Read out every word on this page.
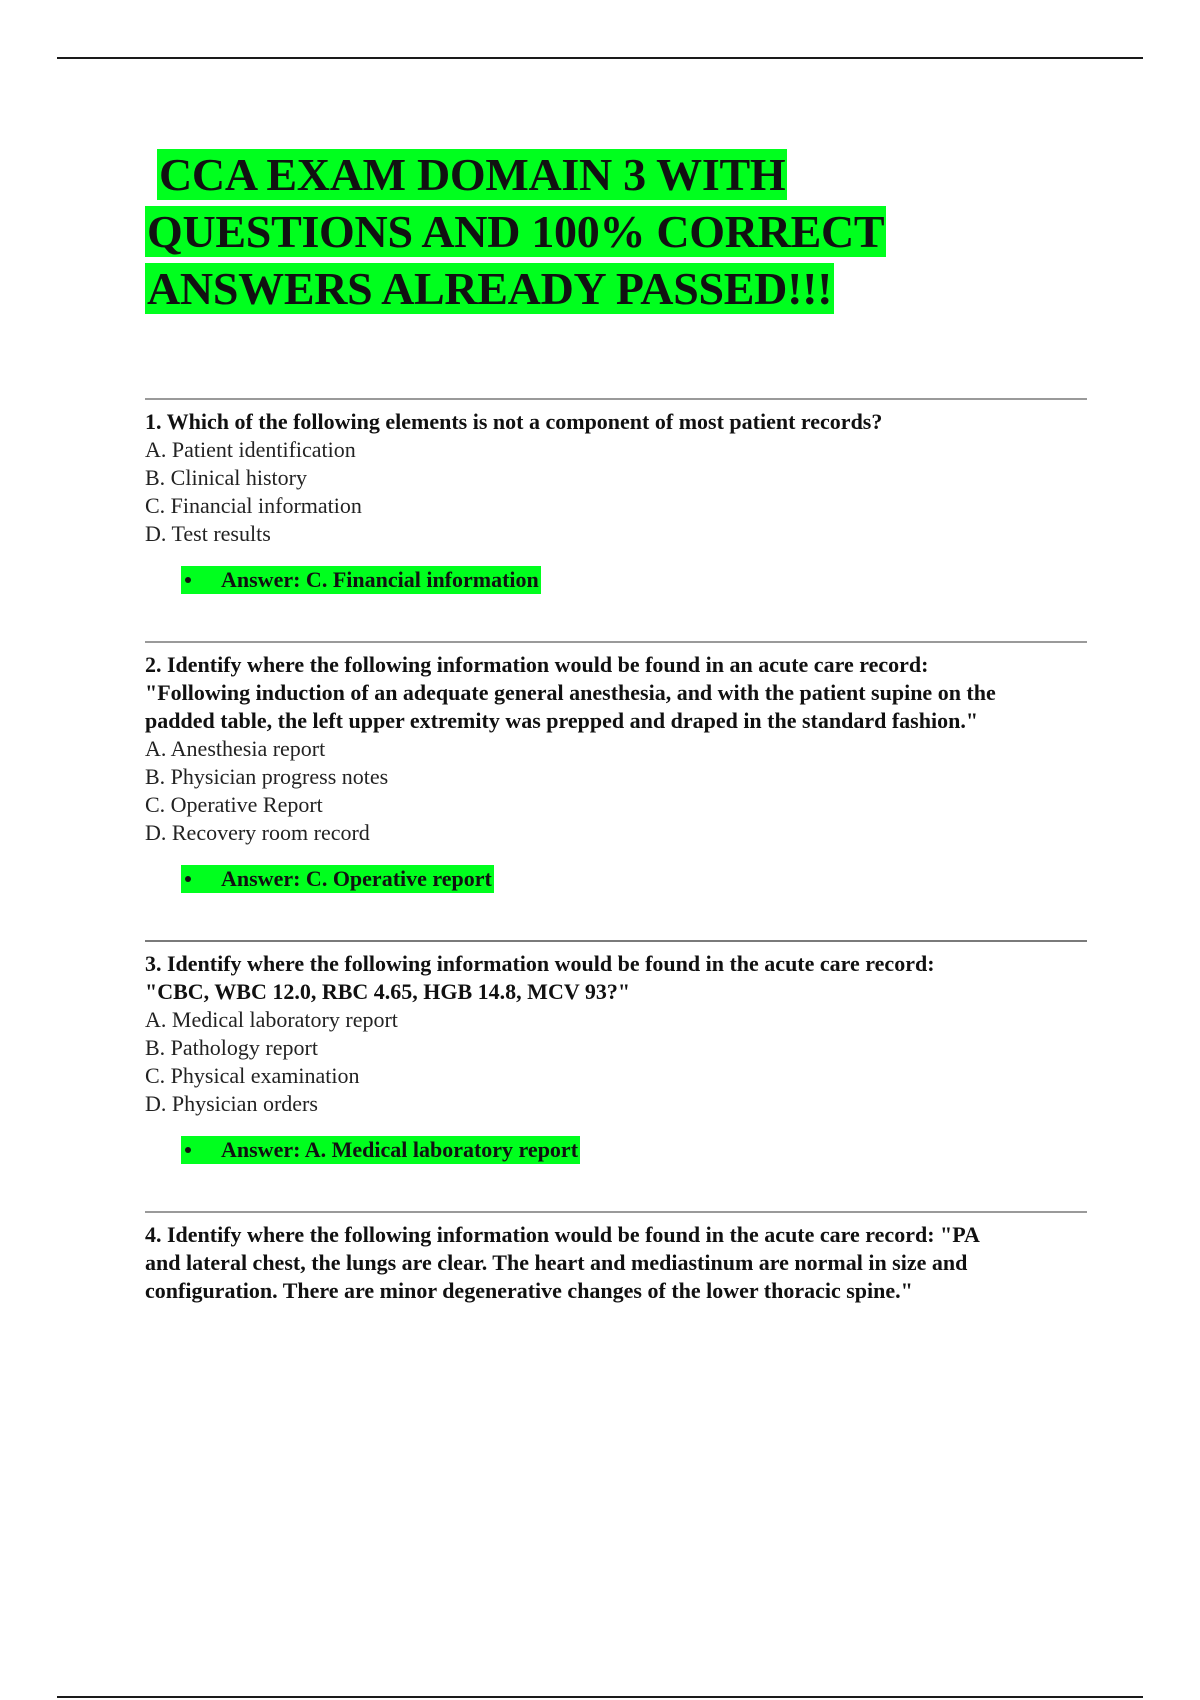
CCA EXAM DOMAIN 3 WITH
QUESTIONS AND 100% CORRECT
ANSWERS ALREADY PASSED!!!

1. Which of the following elements is not a component of most patient records?

A. Patient identification

B. Clinical history

C. Financial information

D. Test results

Answer: C. Financial information

2. Identify where the following information would be found in an acute care record:

"Following induction of an adequate general anesthesia, and with the patient supine on the

padded table, the left upper extremity was prepped and draped in the standard fashion."

A. Anesthesia report

B. Physician progress notes

C. Operative Report

D. Recovery room record

Answer: C. Operative report

3. Identify where the following information would be found in the acute care record:

"CBC, WBC 12.0, RBC 4.65, HGB 14.8, MCV 93?"

A. Medical laboratory report

B. Pathology report

C. Physical examination

D. Physician orders

Answer: A. Medical laboratory report

4. Identify where the following information would be found in the acute care record: "PA

and lateral chest, the lungs are clear. The heart and mediastinum are normal in size and

configuration. There are minor degenerative changes of the lower thoracic spine."
